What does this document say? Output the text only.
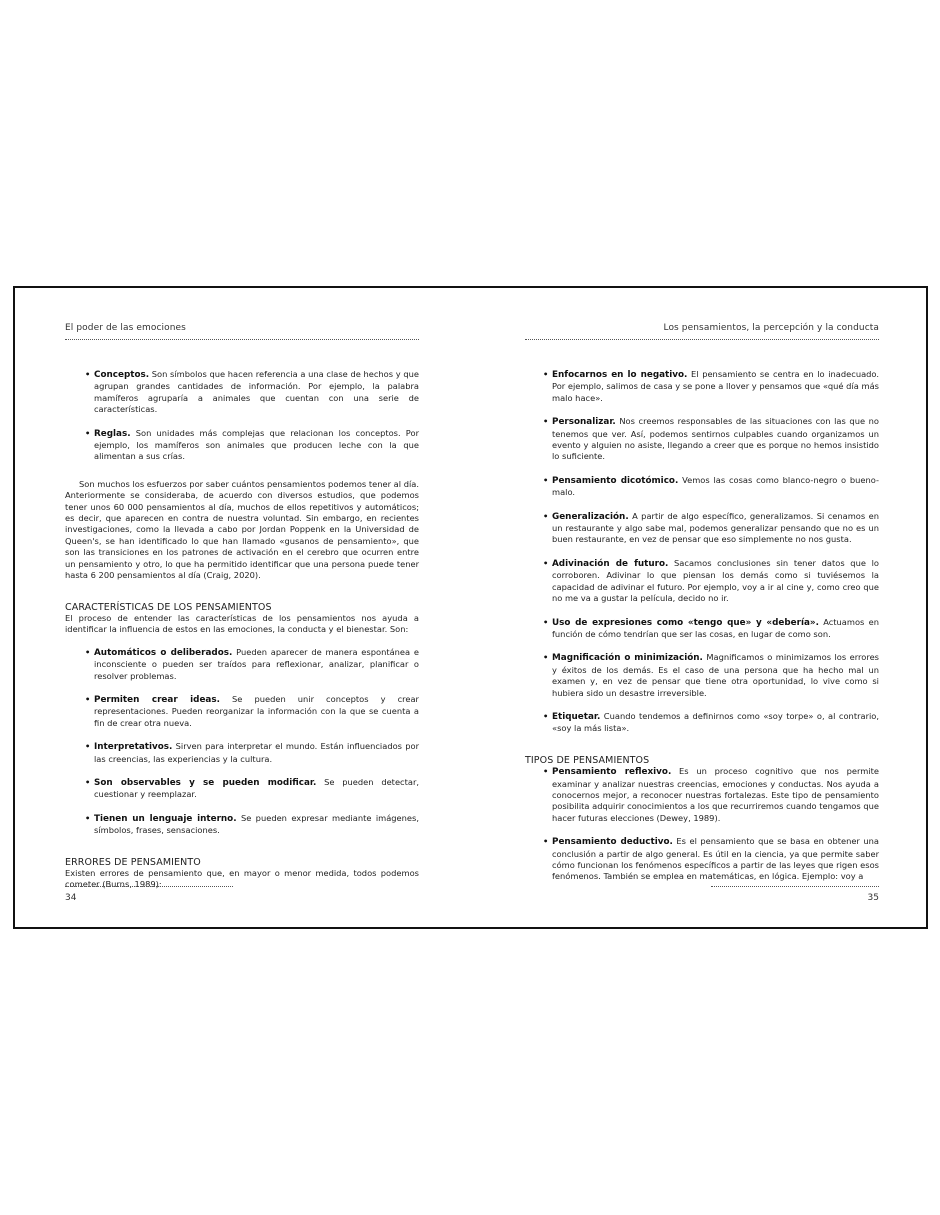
El poder de las emociones
• Conceptos. Son símbolos que hacen referencia a una clase de hechos y que agrupan grandes cantidades de información. Por ejemplo, la palabra mamíferos agruparía a animales que cuentan con una serie de características.
• Reglas. Son unidades más complejas que relacionan los conceptos. Por ejemplo, los mamíferos son animales que producen leche con la que alimentan a sus crías.
Son muchos los esfuerzos por saber cuántos pensamientos podemos tener al día. Anteriormente se consideraba, de acuerdo con diversos estudios, que podemos tener unos 60 000 pensamientos al día, muchos de ellos repetitivos y automáticos; es decir, que aparecen en contra de nuestra voluntad. Sin embargo, en recientes investigaciones, como la llevada a cabo por Jordan Poppenk en la Universidad de Queen's, se han identificado lo que han llamado «gusanos de pensamiento», que son las transiciones en los patrones de activación en el cerebro que ocurren entre un pensamiento y otro, lo que ha permitido identificar que una persona puede tener hasta 6 200 pensamientos al día (Craig, 2020).
CARACTERÍSTICAS DE LOS PENSAMIENTOS
El proceso de entender las características de los pensamientos nos ayuda a identificar la influencia de estos en las emociones, la conducta y el bienestar. Son:
• Automáticos o deliberados. Pueden aparecer de manera espontánea e inconsciente o pueden ser traídos para reflexionar, analizar, planificar o resolver problemas.
• Permiten crear ideas. Se pueden unir conceptos y crear representaciones. Pueden reorganizar la información con la que se cuenta a fin de crear otra nueva.
• Interpretativos. Sirven para interpretar el mundo. Están influenciados por las creencias, las experiencias y la cultura.
• Son observables y se pueden modificar. Se pueden detectar, cuestionar y reemplazar.
• Tienen un lenguaje interno. Se pueden expresar mediante imágenes, símbolos, frases, sensaciones.
ERRORES DE PENSAMIENTO
Existen errores de pensamiento que, en mayor o menor medida, todos podemos cometer (Burns, 1989):
34
Los pensamientos, la percepción y la conducta
• Enfocarnos en lo negativo. El pensamiento se centra en lo inadecuado. Por ejemplo, salimos de casa y se pone a llover y pensamos que «qué día más malo hace».
• Personalizar. Nos creemos responsables de las situaciones con las que no tenemos que ver. Así, podemos sentirnos culpables cuando organizamos un evento y alguien no asiste, llegando a creer que es porque no hemos insistido lo suficiente.
• Pensamiento dicotómico. Vemos las cosas como blanco-negro o bueno-malo.
• Generalización. A partir de algo específico, generalizamos. Si cenamos en un restaurante y algo sabe mal, podemos generalizar pensando que no es un buen restaurante, en vez de pensar que eso simplemente no nos gusta.
• Adivinación de futuro. Sacamos conclusiones sin tener datos que lo corroboren. Adivinar lo que piensan los demás como si tuviésemos la capacidad de adivinar el futuro. Por ejemplo, voy a ir al cine y, como creo que no me va a gustar la película, decido no ir.
• Uso de expresiones como «tengo que» y «debería». Actuamos en función de cómo tendrían que ser las cosas, en lugar de como son.
• Magnificación o minimización. Magnificamos o minimizamos los errores y éxitos de los demás. Es el caso de una persona que ha hecho mal un examen y, en vez de pensar que tiene otra oportunidad, lo vive como si hubiera sido un desastre irreversible.
• Etiquetar. Cuando tendemos a definirnos como «soy torpe» o, al contrario, «soy la más lista».
TIPOS DE PENSAMIENTOS
• Pensamiento reflexivo. Es un proceso cognitivo que nos permite examinar y analizar nuestras creencias, emociones y conductas. Nos ayuda a conocernos mejor, a reconocer nuestras fortalezas. Este tipo de pensamiento posibilita adquirir conocimientos a los que recurriremos cuando tengamos que hacer futuras elecciones (Dewey, 1989).
• Pensamiento deductivo. Es el pensamiento que se basa en obtener una conclusión a partir de algo general. Es útil en la ciencia, ya que permite saber cómo funcionan los fenómenos específicos a partir de las leyes que rigen esos fenómenos. También se emplea en matemáticas, en lógica. Ejemplo: voy a
35
